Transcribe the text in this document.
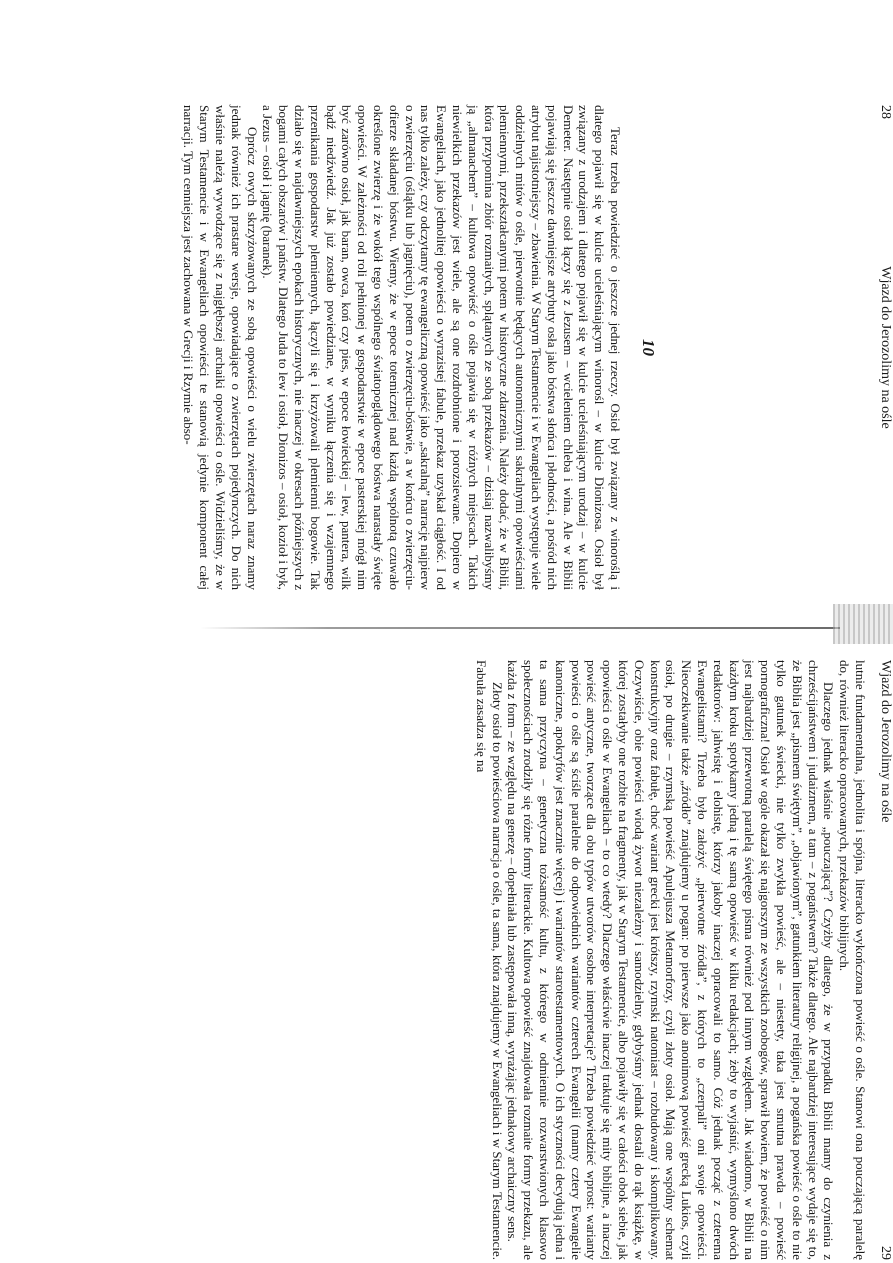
28
Wjazd do Jerozolimy na ośle
10

Teraz trzeba powiedzieć o jeszcze jednej rzeczy. Osioł był związany z winoroślą i dlatego pojawił się w kulcie ucieleśniającym winorośl – w kulcie Dionizosa. Osioł był związany z urodzajem i dlatego pojawił się w kulcie ucieleśniającym urodzaj – w kulcie Demeter. Następnie osioł łączy się z Jezusem – wcieleniem chleba i wina. Ale w Biblii pojawiają się jeszcze dawniejsze atrybuty osła jako bóstwa słońca i płodności, a pośród nich atrybut najistotniejszy – zbawienia. W Starym Testamencie i w Ewangeliach występuje wiele oddzielnych mitów o ośle, pierwotnie będących autonomicznymi sakralnymi opowieściami plemiennymi, przekształcanymi potem w historyczne zdarzenia. Należy dodać, że w Biblii, która przypomina zbiór rozmaitych, splątanych ze sobą przekazów – dzisiaj nazwalibyśmy ją „almanachem” – kultowa opowieść o ośle pojawia się w różnych miejscach. Takich niewielkich przekazów jest wiele, ale są one rozdrobnione i porozsiewane. Dopiero w Ewangeliach, jako jednolitej opowieści o wyrazistej fabule, przekaz uzyskał ciągłość. I od nas tylko zależy, czy odczytamy tę ewangeliczną opowieść jako „sakralną” narrację najpierw o zwierzęciu (oślątku lub jagnięciu), potem o zwierzęciu-bóstwie, a w końcu o zwierzęciu-ofierze składanej bóstwu. Wiemy, że w epoce totemicznej nad każdą wspólnotą czuwało określone zwierzę i że wokół tego wspólnego światopoglądowego bóstwa narastały święte opowieści. W zależności od roli pełnionej w gospodarstwie w epoce pasterskiej mógł nim być zarówno osioł, jak baran, owca, koń czy pies, w epoce łowieckiej – lew, pantera, wilk bądź niedźwiedź. Jak już zostało powiedziane, w wyniku łączenia się i wzajemnego przenikania gospodarstw plemiennych, łączyli się i krzyżowali plemienni bogowie. Tak działo się w najdawniejszych epokach historycznych, nie inaczej w okresach późniejszych z bogami całych obszarów i państw. Dlatego Juda to lew i osioł, Dionizos – osioł, kozioł i byk, a Jezus – osioł i jagnię (baranek).

Oprócz owych skrzyżowanych ze sobą opowieści o wielu zwierzętach naraz znamy jednak również ich prastare wersje, opowiadające o zwierzętach pojedynczych. Do nich właśnie należą wywodzące się z najgłębszej archaiki opowieści o ośle. Widzieliśmy, że w Starym Testamencie i w Ewangeliach opowieści te stanowią jedynie komponent całej narracji. Tym cenniejsza jest zachowana w Grecji i Rzymie abso-

Wjazd do Jerozolimy na ośle
29

lutnie fundamentalna, jednolita i spójna, literacko wykończona powieść o ośle. Stanowi ona pouczającą paralelę do, również literacko opracowanych, przekazów biblijnych.

Dlaczego jednak właśnie „pouczającą”? Czyżby dlatego, że w przypadku Biblii mamy do czynienia z chrześcijaństwem i judaizmem, a tam – z pogaństwem? Także dlatego. Ale najbardziej interesujące wydaje się to, że Biblia jest „pismem świętym”, „objawionym”, gatunkiem literatury religijnej, a pogańska powieść o ośle to nie tylko gatunek świecki, nie tylko zwykła powieść, ale – niestety, taka jest smutna prawda – powieść pornograficzna! Osioł w ogóle okazał się najgorszym ze wszystkich zoobogów, sprawił bowiem, że powieść o nim jest najbardziej przewrotną paralelą świętego pisma również pod innym względem. Jak wiadomo, w Biblii na każdym kroku spotykamy jedną i tę samą opowieść w kilku redakcjach; żeby to wyjaśnić, wymyślono dwóch redaktorów: jahwistę i elohistę, którzy jakoby inaczej opracowali to samo. Cóż jednak począć z czterema Ewangelistami? Trzeba było założyć „pierwotne źródła”, z których to „czerpali” oni swoje opowieści. Nieoczekiwanie także „źródło” znajdujemy u pogan: po pierwsze jako anonimową powieść grecką Lukios, czyli osioł, po drugie – rzymską powieść Apulejusza Metamorfozy, czyli złoty osioł. Mają one wspólny schemat konstrukcyjny oraz fabułę, choć wariant grecki jest krótszy, rzymski natomiast – rozbudowany i skomplikowany. Oczywiście, obie powieści wiodą żywot niezależny i samodzielny, gdybyśmy jednak dostali do rąk książkę, w której zostałyby one rozbite na fragmenty, jak w Starym Testamencie, albo pojawiły się w całości obok siebie, jak opowieści o ośle w Ewangeliach – to co wtedy? Dlaczego właściwie inaczej traktuje się mity biblijne, a inaczej powieść antyczne, tworzące dla obu typów utworów osobne interpretacje? Trzeba powiedzieć wprost: warianty powieści o ośle są ściśle paralelne do odpowiednich wariantów czterech Ewangelii (mamy cztery Ewangelie kanoniczne, apokryfów jest znacznie więcej) i wariantów starotestamentowych. O ich styczności decydują jedna i ta sama przyczyna – genetyczna tożsamość kultu, z którego w odmiennie rozwarstwionych klasowo społecznościach zrodziły się różne formy literackie. Kultowa opowieść znajdowała rozmaite formy przekazu, ale każda z form – ze względu na genezę – dopełniała lub zastępowała inną, wyrażając jednakowy archaiczny sens.

Złoty osioł to powieściowa narracja o ośle, ta sama, która znajdujemy w Ewangeliach i w Starym Testamencie. Fabuła zasadza się na
